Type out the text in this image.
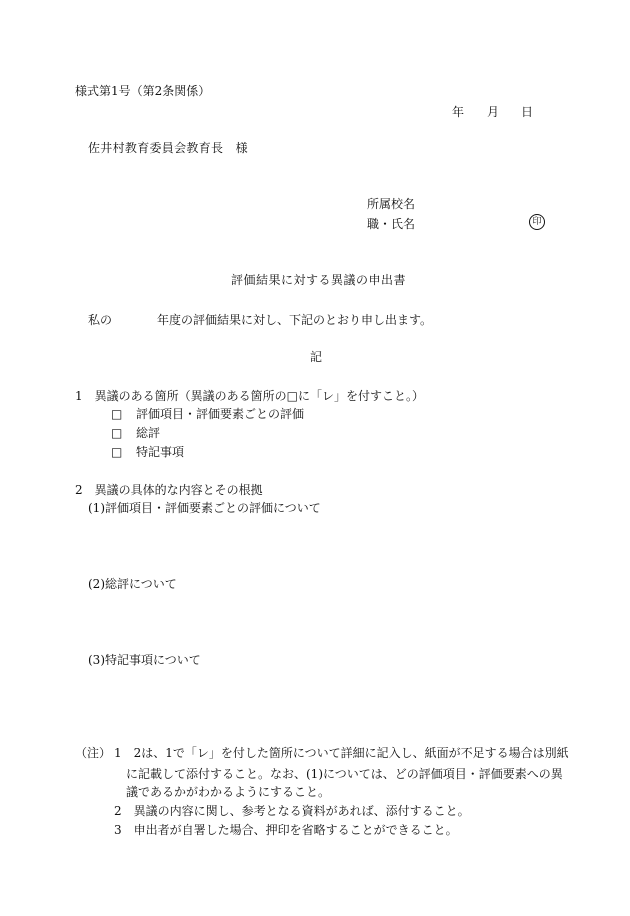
様式第1号（第2条関係）
年 月 日
佐井村教育委員会教育長　様
所属校名
職・氏名	印
評価結果に対する異議の申出書
私の	年度の評価結果に対し、下記のとおり申し出ます。
記
1　異議のある箇所（異議のある箇所の□に「レ」を付すこと。）
□ 評価項目・評価要素ごとの評価
□ 総評
□ 特記事項
2　異議の具体的な内容とその根拠
(1)評価項目・評価要素ごとの評価について
(2)総評について
(3)特記事項について
（注） 1　2は、1で「レ」を付した箇所について詳細に記入し、紙面が不足する場合は別紙
　に記載して添付すること。なお、(1)については、どの評価項目・評価要素への異
　議であるかがわかるようにすること。
2　異議の内容に関し、参考となる資料があれば、添付すること。
3　申出者が自署した場合、押印を省略することができること。
